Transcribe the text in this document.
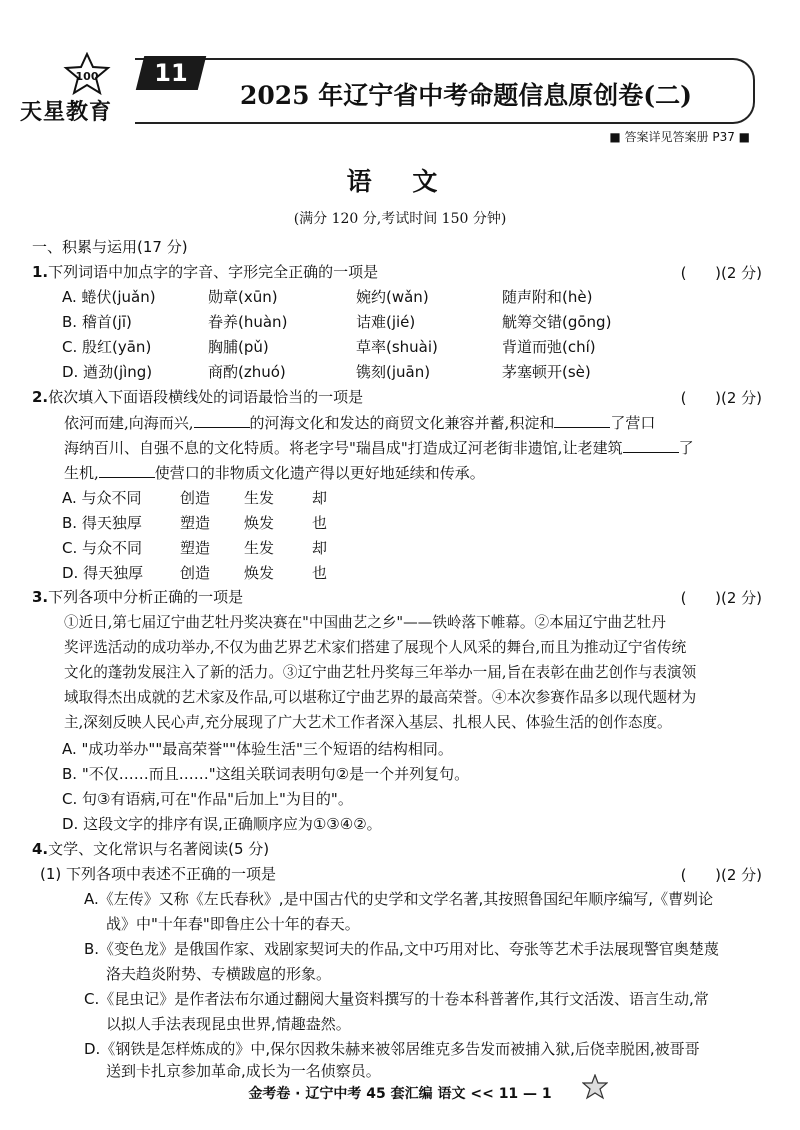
100
天星教育
11
2025 年辽宁省中考命题信息原创卷(二)
■ 答案详见答案册 P37 ■
语 文
(满分 120 分,考试时间 150 分钟)
一、积累与运用(17 分)
1.下列词语中加点字的字音、字形完全正确的一项是	(      )(2 分)
A. 蜷伏(juǎn)	勋章(xūn)	婉约(wǎn)	随声附和(hè)
B. 稽首(jī)	眷养(huàn)	诘难(jié)	觥筹交错(gōng)
C. 殷红(yān)	胸脯(pǔ)	草率(shuài)	背道而弛(chí)
D. 遒劲(jìng)	商酌(zhuó)	镌刻(juān)	茅塞顿开(sè)
2.依次填入下面语段横线处的词语最恰当的一项是	(      )(2 分)
依河而建,向海而兴,	的河海文化和发达的商贸文化兼容并蓄,积淀和	了营口
海纳百川、自强不息的文化特质。将老字号"瑞昌成"打造成辽河老街非遗馆,让老建筑	了
生机,	使营口的非物质文化遗产得以更好地延续和传承。
A. 与众不同	创造 生发	却
B. 得天独厚	塑造 焕发	也
C. 与众不同	塑造 生发	却
D. 得天独厚 创造 焕发	也
3.下列各项中分析正确的一项是	(      )(2 分)
①近日,第七届辽宁曲艺牡丹奖决赛在"中国曲艺之乡"——铁岭落下帷幕。②本届辽宁曲艺牡丹
奖评选活动的成功举办,不仅为曲艺界艺术家们搭建了展现个人风采的舞台,而且为推动辽宁省传统
文化的蓬勃发展注入了新的活力。③辽宁曲艺牡丹奖每三年举办一届,旨在表彰在曲艺创作与表演领
域取得杰出成就的艺术家及作品,可以堪称辽宁曲艺界的最高荣誉。④本次参赛作品多以现代题材为
主,深刻反映人民心声,充分展现了广大艺术工作者深入基层、扎根人民、体验生活的创作态度。
A. "成功举办""最高荣誉""体验生活"三个短语的结构相同。
B. "不仅……而且……"这组关联词表明句②是一个并列复句。
C. 句③有语病,可在"作品"后加上"为目的"。
D. 这段文字的排序有误,正确顺序应为①③④②。
4.文学、文化常识与名著阅读(5 分)
(1) 下列各项中表述不正确的一项是	(      )(2 分)
A.《左传》又称《左氏春秋》,是中国古代的史学和文学名著,其按照鲁国纪年顺序编写,《曹刿论
战》中"十年春"即鲁庄公十年的春天。
B.《变色龙》是俄国作家、戏剧家契诃夫的作品,文中巧用对比、夸张等艺术手法展现警官奥楚蔑
洛夫趋炎附势、专横跋扈的形象。
C.《昆虫记》是作者法布尔通过翻阅大量资料撰写的十卷本科普著作,其行文活泼、语言生动,常
以拟人手法表现昆虫世界,情趣盎然。
D.《钢铁是怎样炼成的》中,保尔因救朱赫来被邻居维克多告发而被捕入狱,后侥幸脱困,被哥哥
送到卡扎京参加革命,成长为一名侦察员。
金考卷 · 辽宁中考 45 套汇编 语文 << 11 — 1
